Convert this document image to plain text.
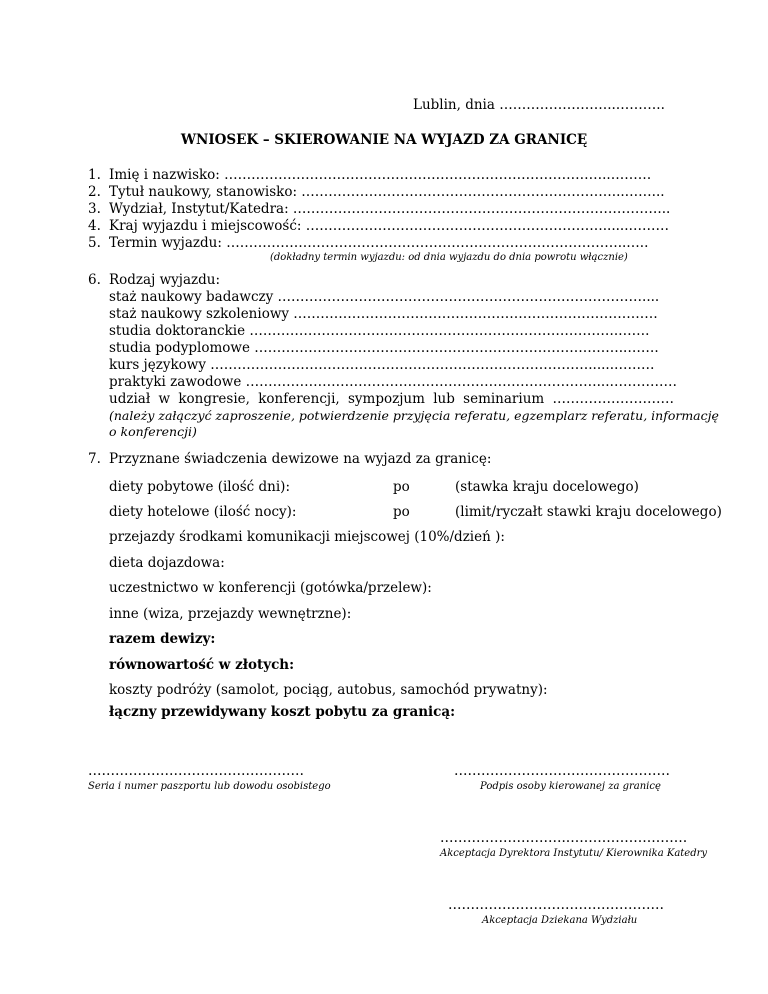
Lublin, dnia ……………………..………..
WNIOSEK – SKIEROWANIE NA WYJAZD ZA GRANICĘ
1. Imię i nazwisko: …………………………………………………………………………..………
2. Tytuł naukowy, stanowisko: ……………………………………………………………...……...
3. Wydział, Instytut/Katedra: ………………………………………………………………………...
4. Kraj wyjazdu i miejscowość: …………………………………………………………......………
5. Termin wyjazdu: ……………………………………………………………………………..…..
(dokładny termin wyjazdu: od dnia wyjazdu do dnia powrotu włącznie)
6. Rodzaj wyjazdu:
staż naukowy badawczy ………………………………………………………………………....
staż naukowy szkoleniowy ………………………………………………………………………
studia doktoranckie ……………………………………………………………………….…….
studia podyplomowe ………………………………………………………………………..…….
kurs językowy …………………………………………………………………………......………
praktyki zawodowe ……………………………………………………………………...……………
udział w kongresie, konferencji, sympozjum lub seminarium ………………………
(należy załączyć zaproszenie, potwierdzenie przyjęcia referatu, egzemplarz referatu, informację
o konferencji)
7. Przyznane świadczenia dewizowe na wyjazd za granicę:
diety pobytowe (ilość dni):	po	(stawka kraju docelowego)
diety hotelowe (ilość nocy):	po	(limit/ryczałt stawki kraju docelowego)
przejazdy środkami komunikacji miejscowej (10%/dzień ):
dieta dojazdowa:
uczestnictwo w konferencji (gotówka/przelew):
inne (wiza, przejazdy wewnętrzne):
razem dewizy:
równowartość w złotych:
koszty podróży (samolot, pociąg, autobus, samochód prywatny):
łączny przewidywany koszt pobytu za granicą:
…………………………………………
Seria i numer paszportu lub dowodu osobistego
…………………………………………
Podpis osoby kierowanej za granicę
……………………….………………………
Akceptacja Dyrektora Instytutu/ Kierownika Katedry
…………………………………………
Akceptacja Dziekana Wydziału
